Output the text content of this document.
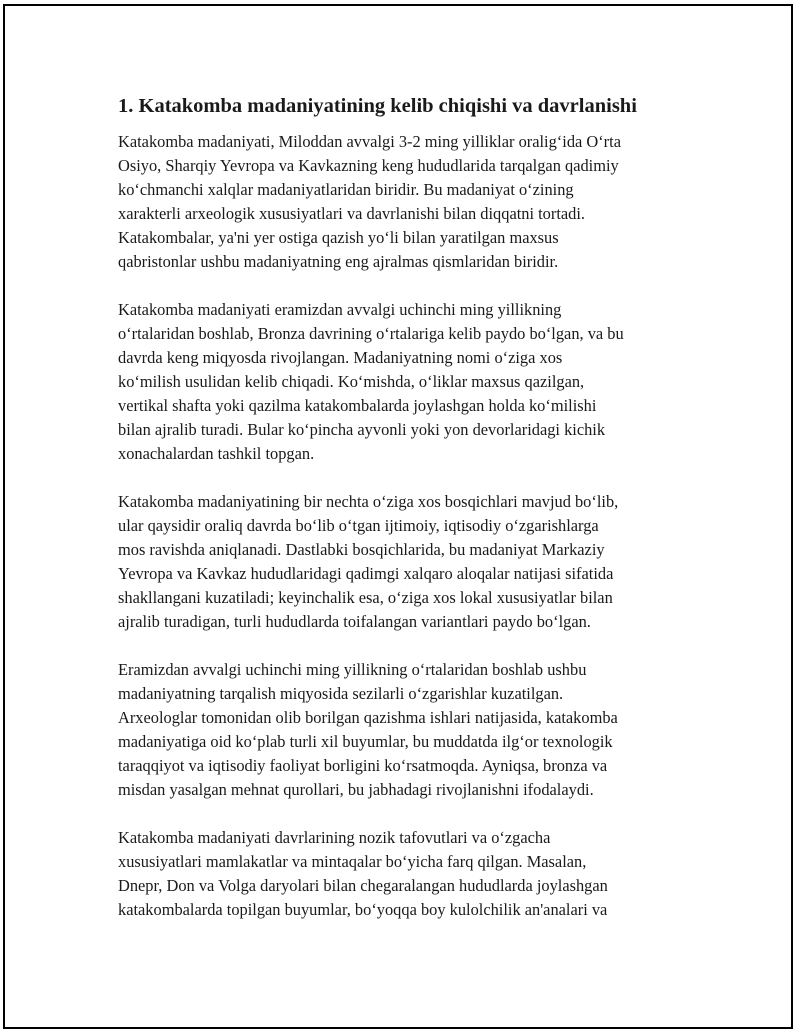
1. Katakomba madaniyatining kelib chiqishi va davrlanishi

Katakomba madaniyati, Miloddan avvalgi 3-2 ming yilliklar oralig‘ida O‘rta
Osiyo, Sharqiy Yevropa va Kavkazning keng hududlarida tarqalgan qadimiy
ko‘chmanchi xalqlar madaniyatlaridan biridir. Bu madaniyat o‘zining
xarakterli arxeologik xususiyatlari va davrlanishi bilan diqqatni tortadi.
Katakombalar, ya'ni yer ostiga qazish yo‘li bilan yaratilgan maxsus
qabristonlar ushbu madaniyatning eng ajralmas qismlaridan biridir.

Katakomba madaniyati eramizdan avvalgi uchinchi ming yillikning
o‘rtalaridan boshlab, Bronza davrining o‘rtalariga kelib paydo bo‘lgan, va bu
davrda keng miqyosda rivojlangan. Madaniyatning nomi o‘ziga xos
ko‘milish usulidan kelib chiqadi. Ko‘mishda, o‘liklar maxsus qazilgan,
vertikal shafta yoki qazilma katakombalarda joylashgan holda ko‘milishi
bilan ajralib turadi. Bular ko‘pincha ayvonli yoki yon devorlaridagi kichik
xonachalardan tashkil topgan.

Katakomba madaniyatining bir nechta o‘ziga xos bosqichlari mavjud bo‘lib,
ular qaysidir oraliq davrda bo‘lib o‘tgan ijtimoiy, iqtisodiy o‘zgarishlarga
mos ravishda aniqlanadi. Dastlabki bosqichlarida, bu madaniyat Markaziy
Yevropa va Kavkaz hududlaridagi qadimgi xalqaro aloqalar natijasi sifatida
shakllangani kuzatiladi; keyinchalik esa, o‘ziga xos lokal xususiyatlar bilan
ajralib turadigan, turli hududlarda toifalangan variantlari paydo bo‘lgan.

Eramizdan avvalgi uchinchi ming yillikning o‘rtalaridan boshlab ushbu
madaniyatning tarqalish miqyosida sezilarli o‘zgarishlar kuzatilgan.
Arxeologlar tomonidan olib borilgan qazishma ishlari natijasida, katakomba
madaniyatiga oid ko‘plab turli xil buyumlar, bu muddatda ilg‘or texnologik
taraqqiyot va iqtisodiy faoliyat borligini ko‘rsatmoqda. Ayniqsa, bronza va
misdan yasalgan mehnat qurollari, bu jabhadagi rivojlanishni ifodalaydi.

Katakomba madaniyati davrlarining nozik tafovutlari va o‘zgacha
xususiyatlari mamlakatlar va mintaqalar bo‘yicha farq qilgan. Masalan,
Dnepr, Don va Volga daryolari bilan chegaralangan hududlarda joylashgan
katakombalarda topilgan buyumlar, bo‘yoqqa boy kulolchilik an'analari va
